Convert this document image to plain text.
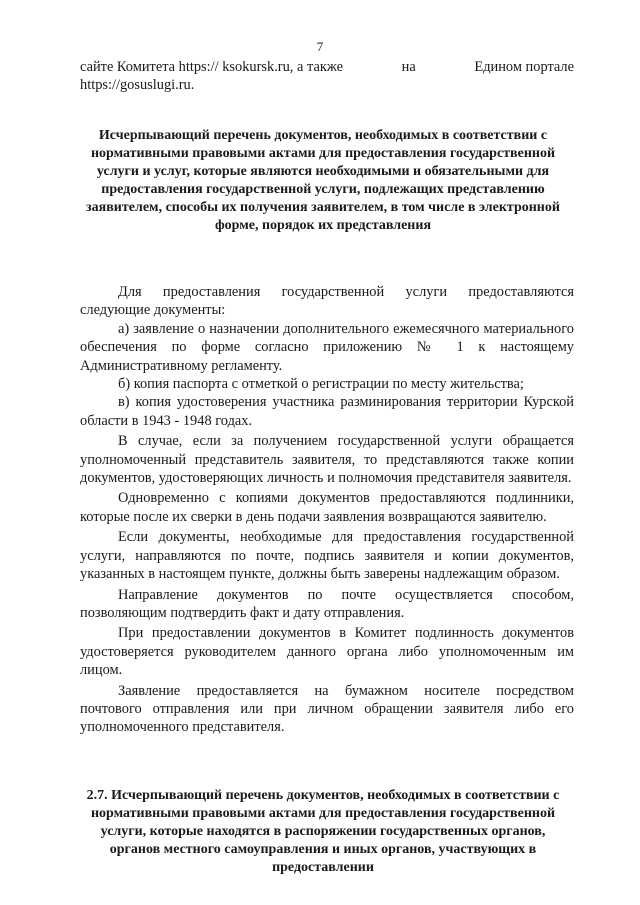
7
сайте Комитета https:// ksokursk.ru, а также	на	Едином портале
https://gosuslugi.ru.
Исчерпывающий перечень документов, необходимых в соответствии с нормативными правовыми актами для предоставления государственной услуги и услуг, которые являются необходимыми и обязательными для предоставления государственной услуги, подлежащих представлению заявителем, способы их получения заявителем, в том числе в электронной форме, порядок их представления

Для предоставления государственной услуги предоставляются следующие документы:

а) заявление о назначении дополнительного ежемесячного материального обеспечения по форме согласно приложению № 1 к настоящему Административному регламенту.

б) копия паспорта с отметкой о регистрации по месту жительства;

в) копия удостоверения участника разминирования территории Курской области в 1943 - 1948 годах.

В случае, если за получением государственной услуги обращается уполномоченный представитель заявителя, то представляются также копии документов, удостоверяющих личность и полномочия представителя заявителя.

Одновременно с копиями документов предоставляются подлинники, которые после их сверки в день подачи заявления возвращаются заявителю.

Если документы, необходимые для предоставления государственной услуги, направляются по почте, подпись заявителя и копии документов, указанных в настоящем пункте, должны быть заверены надлежащим образом.

Направление документов по почте осуществляется способом, позволяющим подтвердить факт и дату отправления.

При предоставлении документов в Комитет подлинность документов удостоверяется руководителем данного органа либо уполномоченным им лицом.

Заявление предоставляется на бумажном носителе посредством почтового отправления или при личном обращении заявителя либо его уполномоченного представителя.

2.7. Исчерпывающий перечень документов, необходимых в соответствии с нормативными правовыми актами для предоставления государственной услуги, которые находятся в распоряжении государственных органов, органов местного самоуправления и иных органов, участвующих в предоставлении
